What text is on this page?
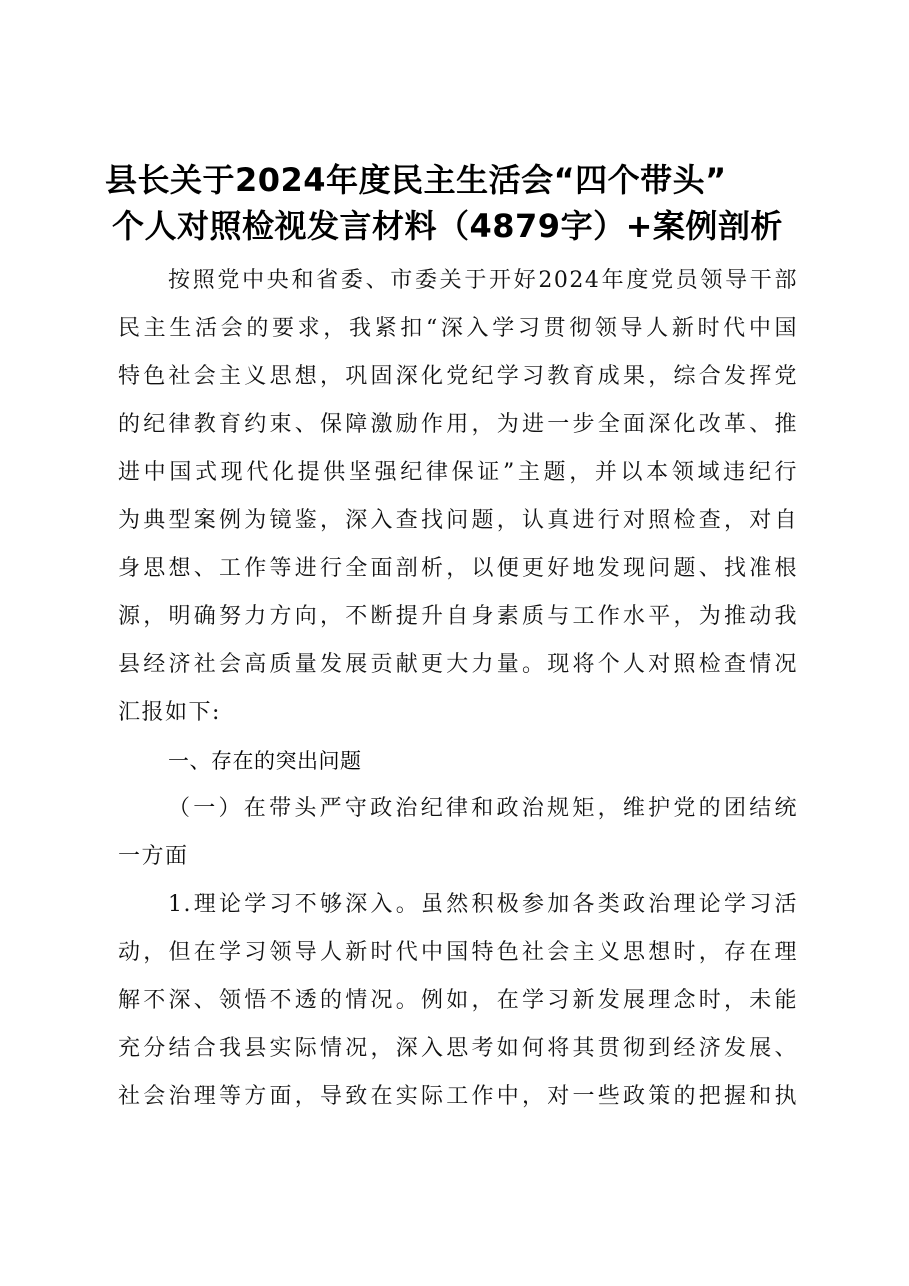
县长关于2024年度民主生活会“四个带头”
个人对照检视发言材料（4879字）+案例剖析
按照党中央和省委、市委关于开好2024年度党员领导干部
民主生活会的要求，我紧扣“深入学习贯彻领导人新时代中国
特色社会主义思想，巩固深化党纪学习教育成果，综合发挥党
的纪律教育约束、保障激励作用，为进一步全面深化改革、推
进中国式现代化提供坚强纪律保证”主题，并以本领域违纪行
为典型案例为镜鉴，深入查找问题，认真进行对照检查，对自
身思想、工作等进行全面剖析，以便更好地发现问题、找准根
源，明确努力方向，不断提升自身素质与工作水平，为推动我
县经济社会高质量发展贡献更大力量。现将个人对照检查情况
汇报如下:
一、存在的突出问题
（一）在带头严守政治纪律和政治规矩，维护党的团结统
一方面
1.理论学习不够深入。虽然积极参加各类政治理论学习活
动，但在学习领导人新时代中国特色社会主义思想时，存在理
解不深、领悟不透的情况。例如，在学习新发展理念时，未能
充分结合我县实际情况，深入思考如何将其贯彻到经济发展、
社会治理等方面，导致在实际工作中，对一些政策的把握和执
